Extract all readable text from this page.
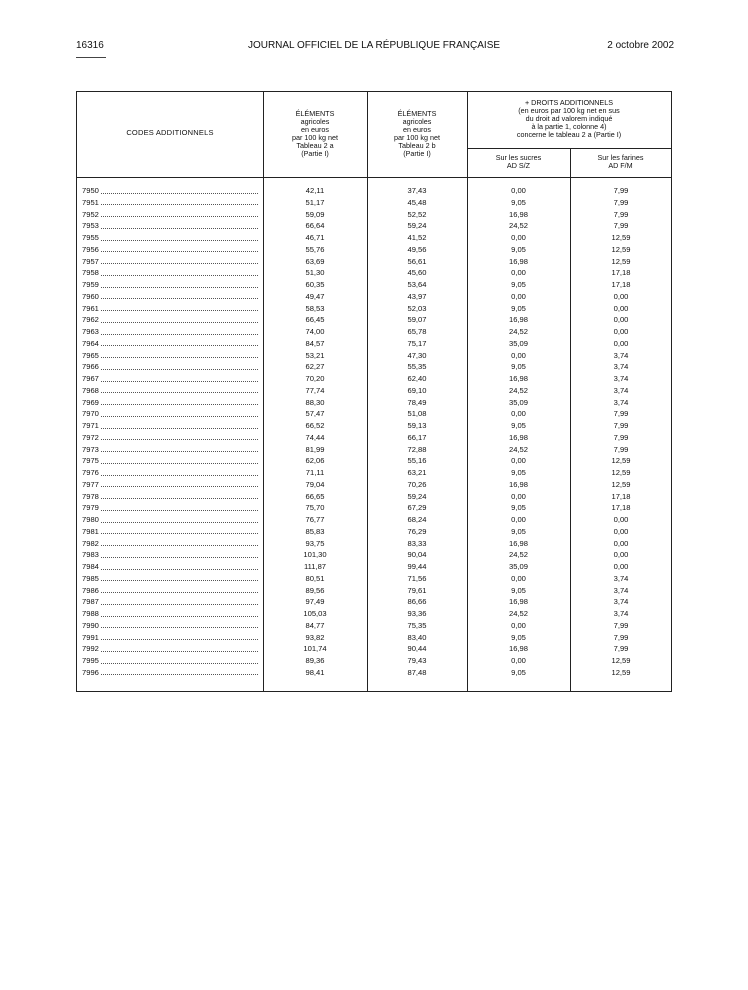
16316	JOURNAL OFFICIEL DE LA RÉPUBLIQUE FRANÇAISE	2 octobre 2002
CODES ADDITIONNELS
ÉLÉMENTS
agricoles
en euros
par 100 kg net
Tableau 2 a
(Partie I)
ÉLÉMENTS
agricoles
en euros
par 100 kg net
Tableau 2 b
(Partie I)
+ DROITS ADDITIONNELS
(en euros par 100 kg net en sus
du droit ad valorem indiqué
à la partie 1, colonne 4)
concerne le tableau 2 a (Partie I)
Sur les sucres
AD S/Z
Sur les farines
AD F/M
7950	42,11	37,43	0,00	7,99
7951	51,17	45,48	9,05	7,99
7952	59,09	52,52	16,98	7,99
7953	66,64	59,24	24,52	7,99
7955	46,71	41,52	0,00	12,59
7956	55,76	49,56	9,05	12,59
7957	63,69	56,61	16,98	12,59
7958	51,30	45,60	0,00	17,18
7959	60,35	53,64	9,05	17,18
7960	49,47	43,97	0,00	0,00
7961	58,53	52,03	9,05	0,00
7962	66,45	59,07	16,98	0,00
7963	74,00	65,78	24,52	0,00
7964	84,57	75,17	35,09	0,00
7965	53,21	47,30	0,00	3,74
7966	62,27	55,35	9,05	3,74
7967	70,20	62,40	16,98	3,74
7968	77,74	69,10	24,52	3,74
7969	88,30	78,49	35,09	3,74
7970	57,47	51,08	0,00	7,99
7971	66,52	59,13	9,05	7,99
7972	74,44	66,17	16,98	7,99
7973	81,99	72,88	24,52	7,99
7975	62,06	55,16	0,00	12,59
7976	71,11	63,21	9,05	12,59
7977	79,04	70,26	16,98	12,59
7978	66,65	59,24	0,00	17,18
7979	75,70	67,29	9,05	17,18
7980	76,77	68,24	0,00	0,00
7981	85,83	76,29	9,05	0,00
7982	93,75	83,33	16,98	0,00
7983	101,30	90,04	24,52	0,00
7984	111,87	99,44	35,09	0,00
7985	80,51	71,56	0,00	3,74
7986	89,56	79,61	9,05	3,74
7987	97,49	86,66	16,98	3,74
7988	105,03	93,36	24,52	3,74
7990	84,77	75,35	0,00	7,99
7991	93,82	83,40	9,05	7,99
7992	101,74	90,44	16,98	7,99
7995	89,36	79,43	0,00	12,59
7996	98,41	87,48	9,05	12,59
